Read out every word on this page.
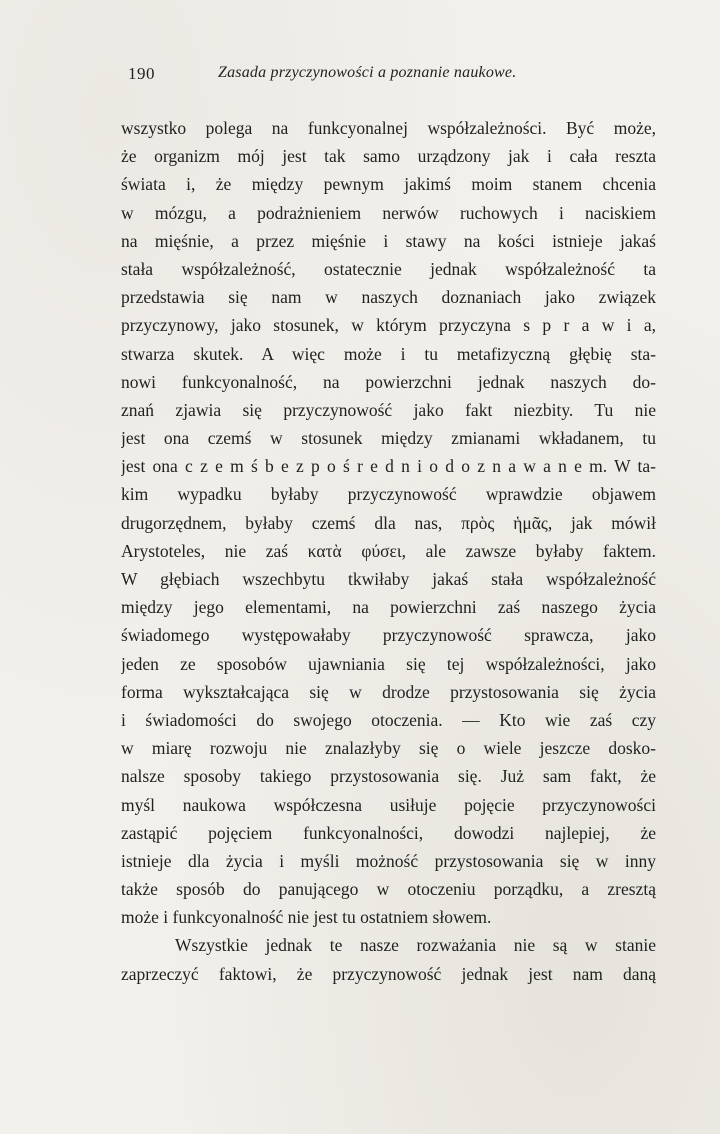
190	Zasada przyczynowości a poznanie naukowe.
wszystko polega na funkcyonalnej współzależności. Być może,
że organizm mój jest tak samo urządzony jak i cała reszta
świata i, że między pewnym jakimś moim stanem chcenia
w mózgu, a podrażnieniem nerwów ruchowych i naciskiem
na mięśnie, a przez mięśnie i stawy na kości istnieje jakaś
stała współzależność, ostatecznie jednak współzależność ta
przedstawia się nam w naszych doznaniach jako związek
przyczynowy, jako stosunek, w którym przyczyna s p r a w i a,
stwarza skutek. A więc może i tu metafizyczną głębię sta-
nowi funkcyonalność, na powierzchni jednak naszych do-
znań zjawia się przyczynowość jako fakt niezbity. Tu nie
jest ona czemś w stosunek między zmianami wkładanem, tu
jest ona c z e m ś b e z p o ś r e d n i o d o z n a w a n e m. W ta-
kim wypadku byłaby przyczynowość wprawdzie objawem
drugorzędnem, byłaby czemś dla nas, πρὸς ἡμᾶς, jak mówił
Arystoteles, nie zaś κατὰ φύσει, ale zawsze byłaby faktem.
W głębiach wszechbytu tkwiłaby jakaś stała współzależność
między jego elementami, na powierzchni zaś naszego życia
świadomego występowałaby przyczynowość sprawcza, jako
jeden ze sposobów ujawniania się tej współzależności, jako
forma wykształcająca się w drodze przystosowania się życia
i świadomości do swojego otoczenia. — Kto wie zaś czy
w miarę rozwoju nie znalazłyby się o wiele jeszcze dosko-
nalsze sposoby takiego przystosowania się. Już sam fakt, że
myśl naukowa współczesna usiłuje pojęcie przyczynowości
zastąpić pojęciem funkcyonalności, dowodzi najlepiej, że
istnieje dla życia i myśli możność przystosowania się w inny
także sposób do panującego w otoczeniu porządku, a zresztą
może i funkcyonalność nie jest tu ostatniem słowem.
Wszystkie jednak te nasze rozważania nie są w stanie
zaprzeczyć faktowi, że przyczynowość jednak jest nam daną
